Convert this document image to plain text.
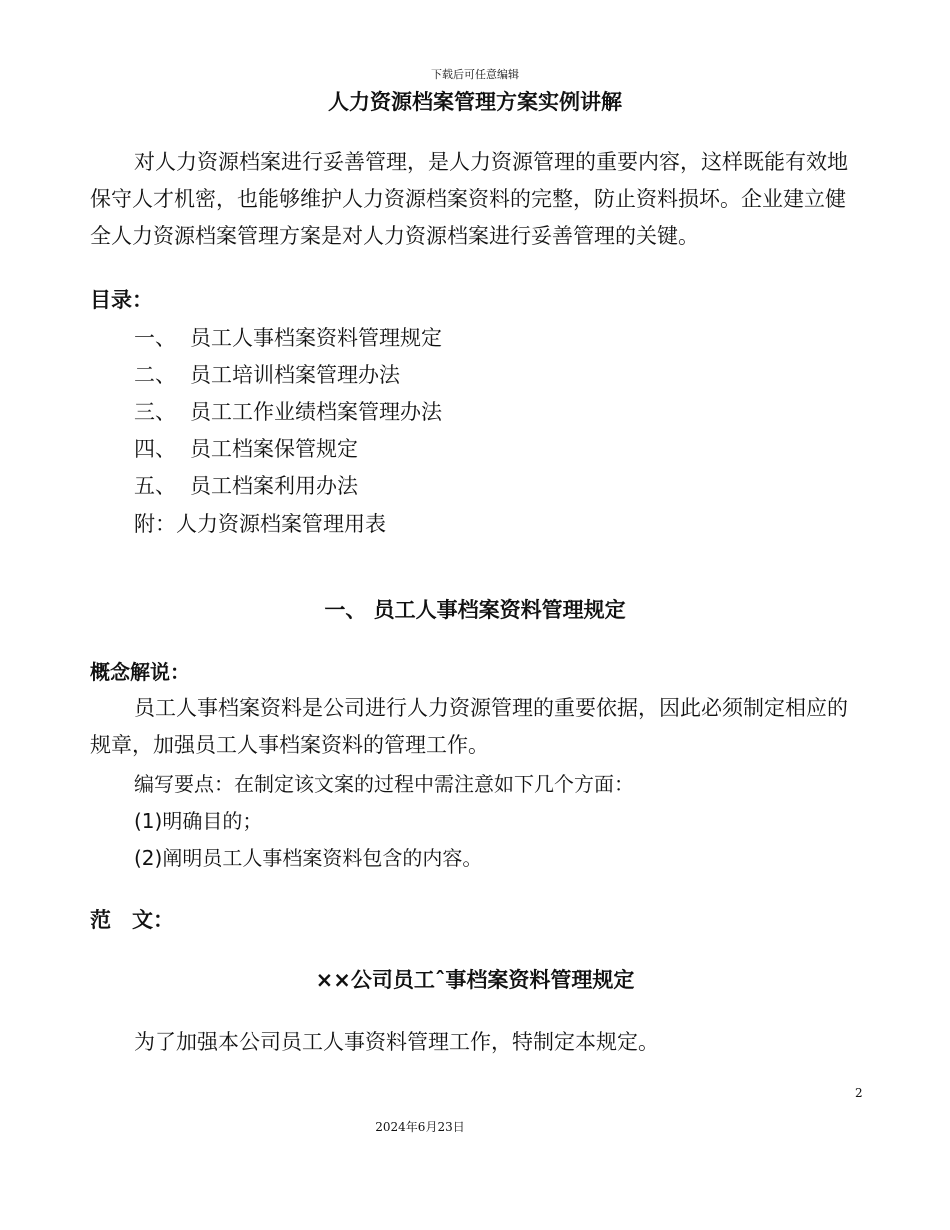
下载后可任意编辑
人力资源档案管理方案实例讲解
对人力资源档案进行妥善管理，是人力资源管理的重要内容，这样既能有效地保守人才机密，也能够维护人力资源档案资料的完整，防止资料损坏。企业建立健全人力资源档案管理方案是对人力资源档案进行妥善管理的关键。
目录：
一、 员工人事档案资料管理规定
二、 员工培训档案管理办法
三、 员工工作业绩档案管理办法
四、 员工档案保管规定
五、 员工档案利用办法
附：人力资源档案管理用表
一、 员工人事档案资料管理规定
概念解说：
员工人事档案资料是公司进行人力资源管理的重要依据，因此必须制定相应的规章，加强员工人事档案资料的管理工作。
编写要点：在制定该文案的过程中需注意如下几个方面：
(1)明确目的；
(2)阐明员工人事档案资料包含的内容。
范　文：
××公司员工ˆ事档案资料管理规定
为了加强本公司员工人事资料管理工作，特制定本规定。
2
2024年6月23日
